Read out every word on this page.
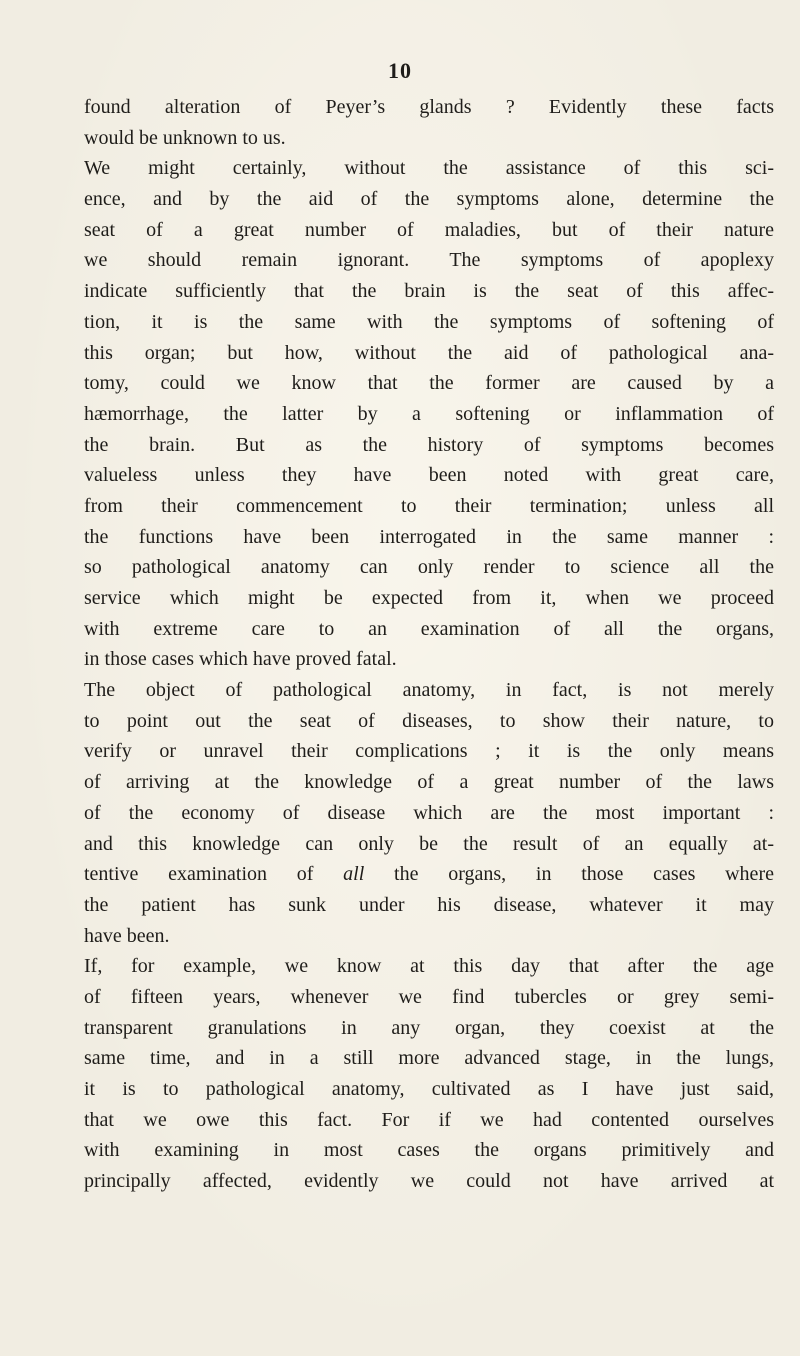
10

found alteration of Peyer’s glands ? Evidently these facts
would be unknown to us.
We might certainly, without the assistance of this sci-
ence, and by the aid of the symptoms alone, determine the
seat of a great number of maladies, but of their nature
we should remain ignorant. The symptoms of apoplexy
indicate sufficiently that the brain is the seat of this affec-
tion, it is the same with the symptoms of softening of
this organ; but how, without the aid of pathological ana-
tomy, could we know that the former are caused by a
hæmorrhage, the latter by a softening or inflammation of
the brain. But as the history of symptoms becomes
valueless unless they have been noted with great care,
from their commencement to their termination; unless all
the functions have been interrogated in the same manner :
so pathological anatomy can only render to science all the
service which might be expected from it, when we proceed
with extreme care to an examination of all the organs,
in those cases which have proved fatal.
The object of pathological anatomy, in fact, is not merely
to point out the seat of diseases, to show their nature, to
verify or unravel their complications ; it is the only means
of arriving at the knowledge of a great number of the laws
of the economy of disease which are the most important :
and this knowledge can only be the result of an equally at-
tentive examination of all the organs, in those cases where
the patient has sunk under his disease, whatever it may
have been.
If, for example, we know at this day that after the age
of fifteen years, whenever we find tubercles or grey semi-
transparent granulations in any organ, they coexist at the
same time, and in a still more advanced stage, in the lungs,
it is to pathological anatomy, cultivated as I have just said,
that we owe this fact. For if we had contented ourselves
with examining in most cases the organs primitively and
principally affected, evidently we could not have arrived at
